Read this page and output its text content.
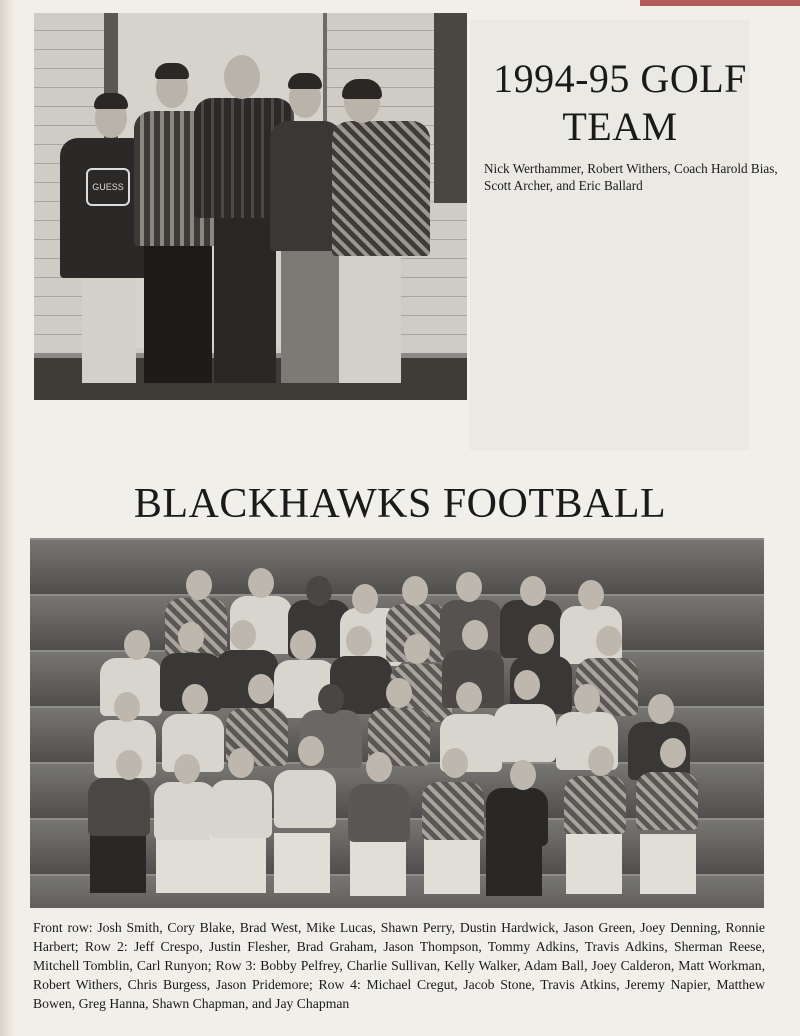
GUESS
1994-95 GOLF
TEAM

Nick Werthammer, Robert Withers, Coach Harold Bias, Scott Archer, and Eric Ballard

BLACKHAWKS FOOTBALL

Front row: Josh Smith, Cory Blake, Brad West, Mike Lucas, Shawn Perry, Dustin Hardwick, Jason Green, Joey Denning, Ronnie Harbert; Row 2: Jeff Crespo, Justin Flesher, Brad Graham, Jason Thompson, Tommy Adkins, Travis Adkins, Sherman Reese, Mitchell Tomblin, Carl Runyon; Row 3: Bobby Pelfrey, Charlie Sullivan, Kelly Walker, Adam Ball, Joey Calderon, Matt Workman, Robert Withers, Chris Burgess, Jason Pridemore; Row 4: Michael Cregut, Jacob Stone, Travis Atkins, Jeremy Napier, Matthew Bowen, Greg Hanna, Shawn Chapman, and Jay Chapman
